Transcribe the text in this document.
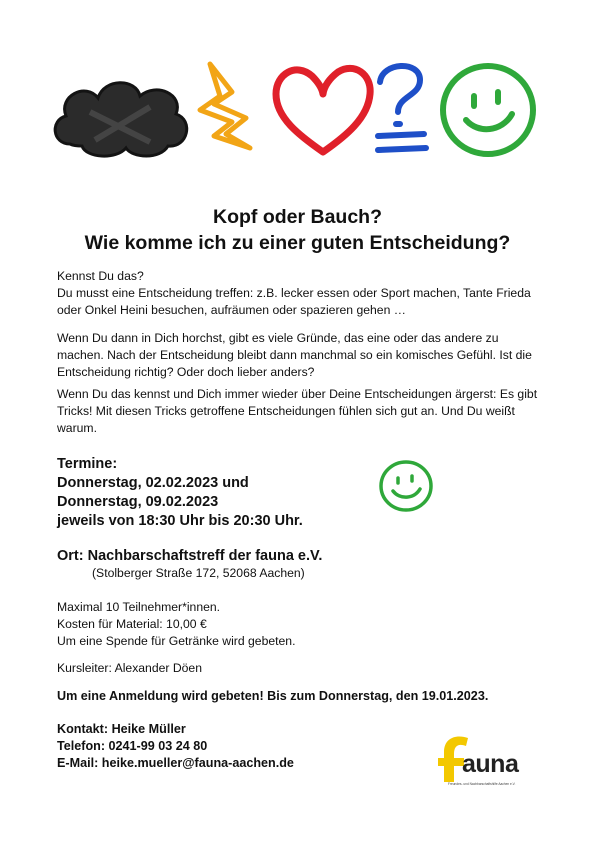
Kopf oder Bauch?
Wie komme ich zu einer guten Entscheidung?

Kennst Du das?

Du musst eine Entscheidung treffen: z.B. lecker essen oder Sport machen, Tante Frieda oder Onkel Heini besuchen, aufräumen oder spazieren gehen …

Wenn Du dann in Dich horchst, gibt es viele Gründe, das eine oder das andere zu machen. Nach der Entscheidung bleibt dann manchmal so ein komisches Gefühl. Ist die Entscheidung richtig? Oder doch lieber anders?

Wenn Du das kennst und Dich immer wieder über Deine Entscheidungen ärgerst: Es gibt Tricks! Mit diesen Tricks getroffene Entscheidungen fühlen sich gut an. Und Du weißt warum.

Termine:
Donnerstag, 02.02.2023 und
Donnerstag, 09.02.2023
jeweils von 18:30 Uhr bis 20:30 Uhr.
Ort: Nachbarschaftstreff der fauna e.V.
(Stolberger Straße 172, 52068 Aachen)
Maximal 10 Teilnehmer*innen.
Kosten für Material: 10,00 €
Um eine Spende für Getränke wird gebeten.
Kursleiter: Alexander Döen
Um eine Anmeldung wird gebeten! Bis zum Donnerstag, den 19.01.2023.
Kontakt: Heike Müller
Telefon: 0241-99 03 24 80
E-Mail: heike.mueller@fauna-aachen.de	auna
Freundes- und Nachbarschaftshilfe Aachen e.V.
